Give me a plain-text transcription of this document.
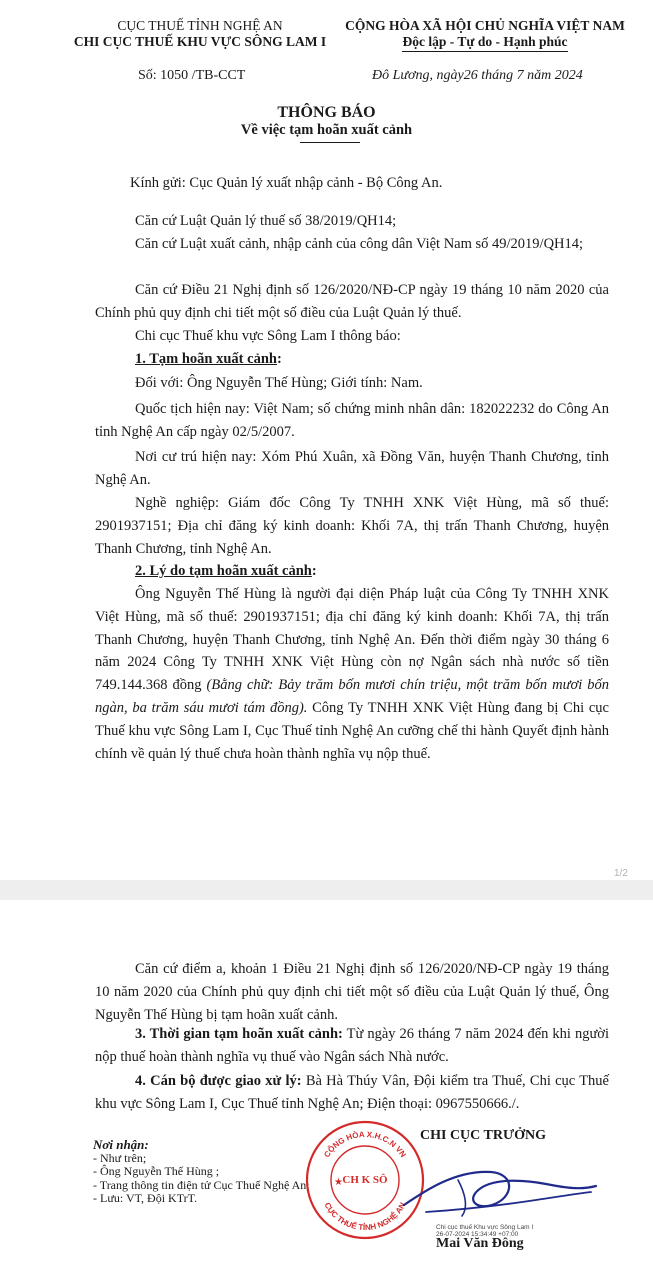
CỤC THUẾ TỈNH NGHỆ AN
CHI CỤC THUẾ KHU VỰC SÔNG LAM I
CỘNG HÒA XÃ HỘI CHỦ NGHĨA VIỆT NAM
Độc lập - Tự do - Hạnh phúc
Số: 1050 /TB-CCT	Đô Lương, ngày26 tháng 7 năm 2024
THÔNG BÁO
Về việc tạm hoãn xuất cảnh
Kính gửi: Cục Quản lý xuất nhập cảnh - Bộ Công An.
Căn cứ Luật Quản lý thuế số 38/2019/QH14;
Căn cứ Luật xuất cảnh, nhập cảnh của công dân Việt Nam số 49/2019/QH14;
Căn cứ Điều 21 Nghị định số 126/2020/NĐ-CP ngày 19 tháng 10 năm 2020 của Chính phủ quy định chi tiết một số điều của Luật Quản lý thuế.
Chi cục Thuế khu vực Sông Lam I thông báo:
1. Tạm hoãn xuất cảnh:
Đối với: Ông Nguyễn Thế Hùng; Giới tính: Nam.
Quốc tịch hiện nay: Việt Nam; số chứng minh nhân dân: 182022232 do Công An tỉnh Nghệ An cấp ngày 02/5/2007.
Nơi cư trú hiện nay: Xóm Phú Xuân, xã Đồng Văn, huyện Thanh Chương, tỉnh Nghệ An.
Nghề nghiệp: Giám đốc Công Ty TNHH XNK Việt Hùng, mã số thuế: 2901937151; Địa chỉ đăng ký kinh doanh: Khối 7A, thị trấn Thanh Chương, huyện Thanh Chương, tỉnh Nghệ An.
2. Lý do tạm hoãn xuất cảnh:
Ông Nguyễn Thế Hùng là người đại diện Pháp luật của Công Ty TNHH XNK Việt Hùng, mã số thuế: 2901937151; địa chỉ đăng ký kinh doanh: Khối 7A, thị trấn Thanh Chương, huyện Thanh Chương, tỉnh Nghệ An. Đến thời điểm ngày 30 tháng 6 năm 2024 Công Ty TNHH XNK Việt Hùng còn nợ Ngân sách nhà nước số tiền 749.144.368 đồng (Bằng chữ: Bảy trăm bốn mươi chín triệu, một trăm bốn mươi bốn ngàn, ba trăm sáu mươi tám đồng). Công Ty TNHH XNK Việt Hùng đang bị Chi cục Thuế khu vực Sông Lam I, Cục Thuế tỉnh Nghệ An cưỡng chế thi hành Quyết định hành chính về quản lý thuế chưa hoàn thành nghĩa vụ nộp thuế.
1/2
Căn cứ điểm a, khoản 1 Điều 21 Nghị định số 126/2020/NĐ-CP ngày 19 tháng 10 năm 2020 của Chính phủ quy định chi tiết một số điều của Luật Quản lý thuế, Ông Nguyễn Thế Hùng bị tạm hoãn xuất cảnh.
3. Thời gian tạm hoãn xuất cảnh: Từ ngày 26 tháng 7 năm 2024 đến khi người nộp thuế hoàn thành nghĩa vụ thuế vào Ngân sách Nhà nước.
4. Cán bộ được giao xử lý: Bà Hà Thúy Vân, Đội kiểm tra Thuế, Chi cục Thuế khu vực Sông Lam I, Cục Thuế tỉnh Nghệ An; Điện thoại: 0967550666./.
Nơi nhận:
- Như trên;
- Ông Nguyễn Thế Hùng ;
- Trang thông tin điện tử Cục Thuế Nghệ An;
- Lưu: VT, Đội KTrT.
CỘNG HÒA X.H.C.N VN
CỤC THUẾ TỈNH NGHỆ AN
CH K SÔ
★
CHI CỤC TRƯỞNG
Chi cục thuế Khu vực Sông Lam I
26-07-2024 15:34:49 +07:00
Mai Văn Đông
